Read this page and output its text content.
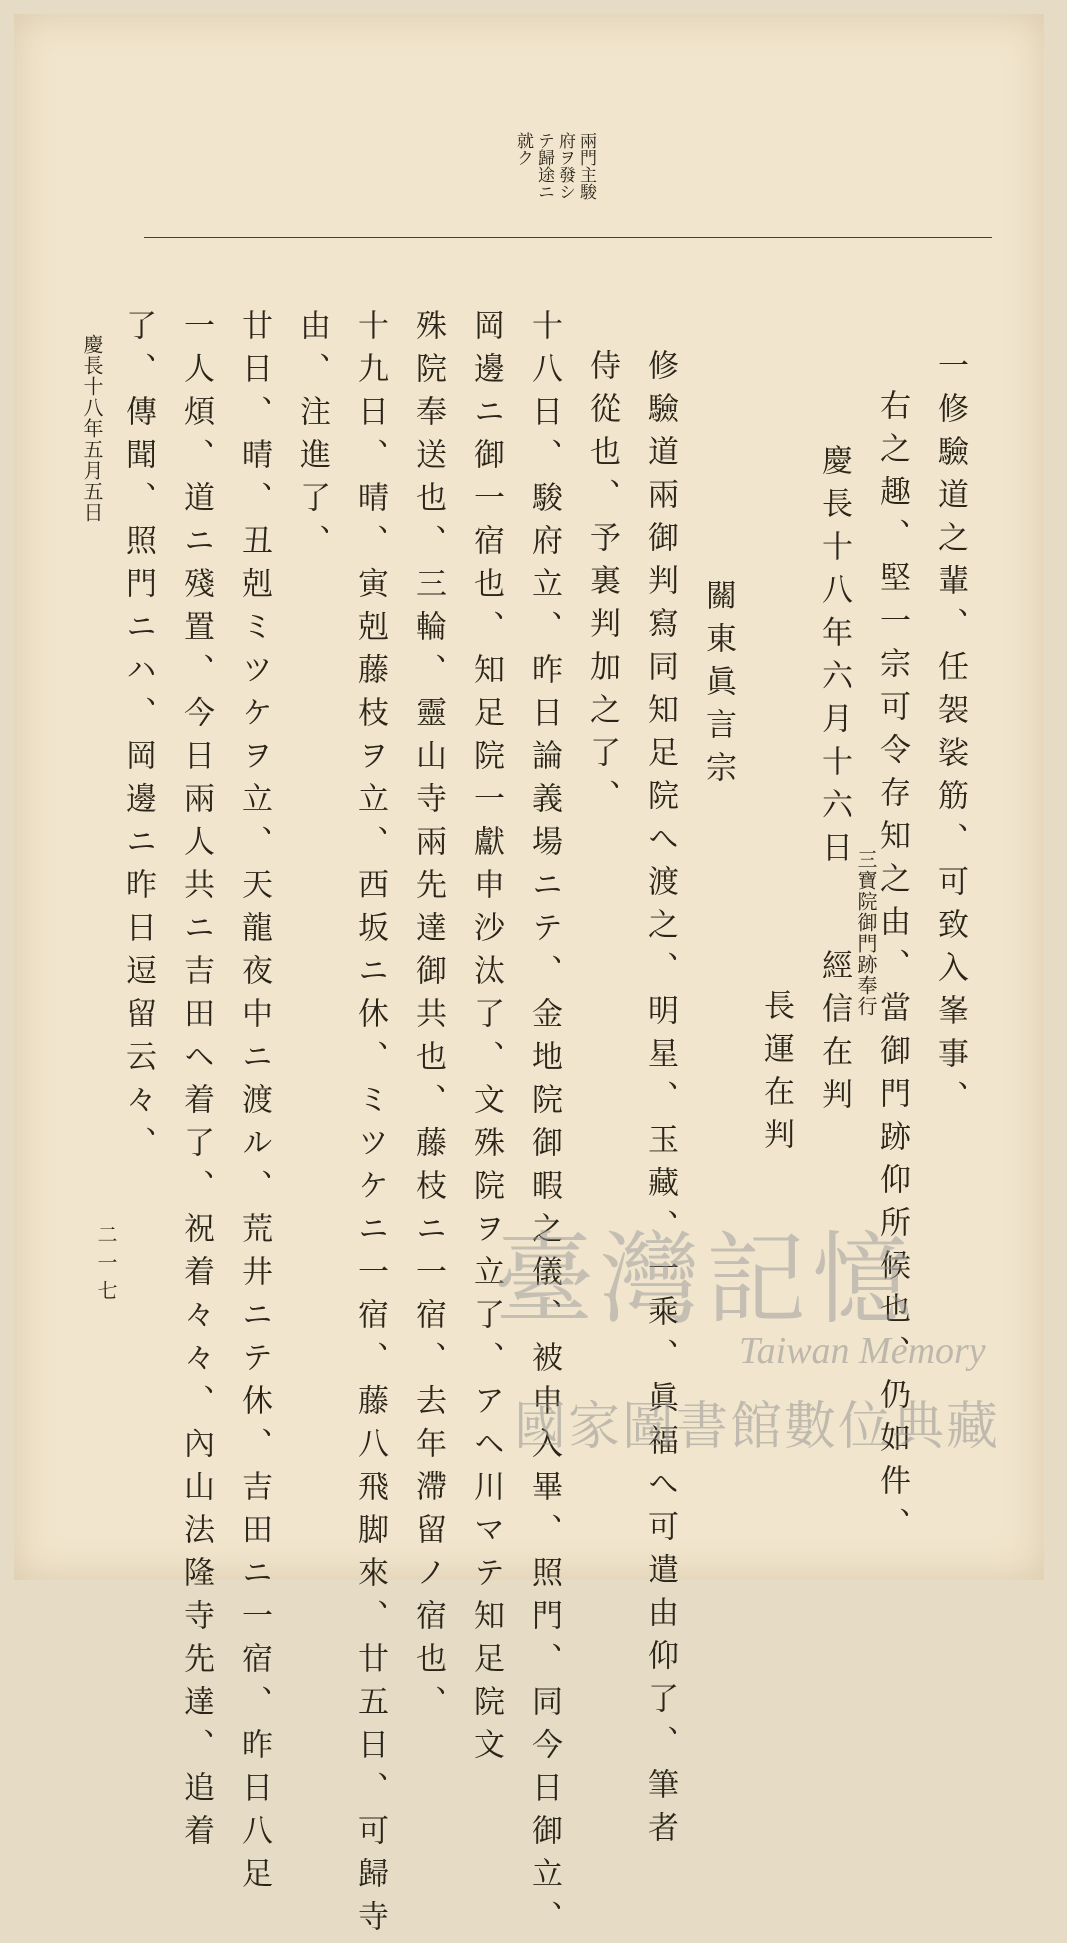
兩門主駿
府ヲ發シ
テ歸途ニ
就ク
一修驗道之輩、任袈裟筋、可致入峯事、
右之趣、堅一宗可令存知之由、當御門跡仰所候也、仍如件、
慶長十八年六月十六日
三寶院御門跡奉行
經信在判
長運在判
關東眞言宗
修驗道兩御判寫同知足院へ渡之、明星、玉藏、一乘、眞福へ可遣由仰了、筆者
侍從也、予裏判加之了、
十八日、駿府立、昨日論義場ニテ、金地院御暇之儀、被申入畢、照門、同今日御立、
岡邊ニ御一宿也、知足院一獻申沙汰了、文殊院ヲ立了、アヘ川マテ知足院文
殊院奉送也、三輪、靈山寺兩先達御共也、藤枝ニ一宿、去年滯留ノ宿也、
十九日、晴、寅剋藤枝ヲ立、西坂ニ休、ミツケニ一宿、藤八飛脚來、廿五日、可歸寺
由、注進了、
廿日、晴、丑剋ミツケヲ立、天龍夜中ニ渡ル、荒井ニテ休、吉田ニ一宿、昨日八足
一人煩、道ニ殘置、今日兩人共ニ吉田ヘ着了、祝着々々、內山法隆寺先達、追着
了、傳聞、照門ニハ、岡邊ニ昨日逗留云々、
慶長十八年五月五日
二一七	臺灣記憶
Taiwan Memory
國家圖書館數位典藏
